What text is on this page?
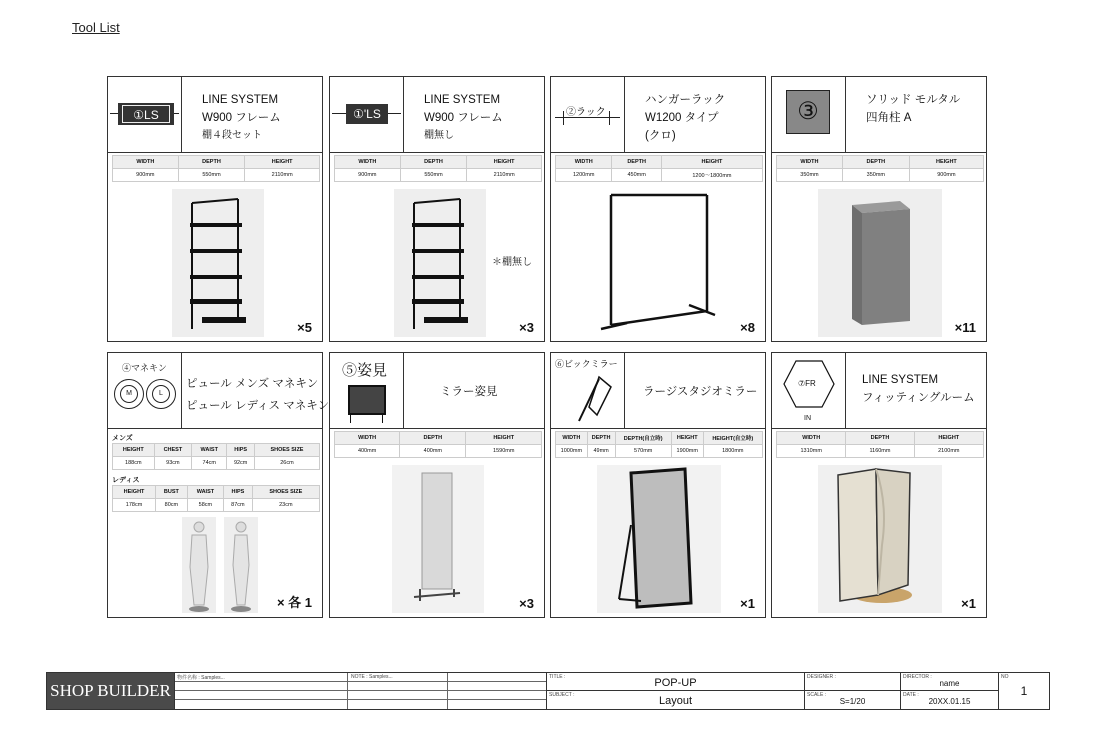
Tool List
①LS
LINE SYSTEM
W900 フレーム
棚４段セット
WIDTH	DEPTH	HEIGHT
900mm	550mm	2110mm
×5
①'LS
LINE SYSTEM
W900 フレーム
棚無し
WIDTH	DEPTH	HEIGHT
900mm	550mm	2110mm
＊棚無し
×3
②ラック
ハンガーラック
W1200 タイプ
(クロ)
WIDTH	DEPTH	HEIGHT
1200mm	450mm	1200〜1800mm
×8
③	ソリッド モルタル
四角柱 A
WIDTH	DEPTH	HEIGHT
350mm	350mm	900mm
×11
④マネキン
M	L
ピュール メンズ マネキン
ピュール レディス マネキン
メンズ
HEIGHT	CHEST	WAIST	HIPS	SHOES SIZE
188cm	93cm	74cm	92cm	26cm
レディス
HEIGHT	BUST	WAIST	HIPS	SHOES SIZE
178cm	80cm	58cm	87cm	23cm
× 各 1
⑤姿見
ミラー姿見
WIDTH	DEPTH	HEIGHT
400mm	400mm	1590mm
×3
⑥ビックミラー
ラージスタジオミラー
WIDTH	DEPTH	DEPTH(自立時)	HEIGHT	HEIGHT(自立時)
1000mm	49mm	570mm	1900mm	1800mm
×1
⑦FR
IN
LINE SYSTEM
フィッティングルーム
WIDTH	DEPTH	HEIGHT
1310mm	1160mm	2100mm
×1
SHOP BUILDER
物件名称 : Samples...	NOTE : Samples...	TITLE :	POP-UP
SUBJECT :	Layout
DESIGNER :
SCALE :
S=1/20
DIRECTOR :
name
DATE :
20XX.01.15
NO
1
